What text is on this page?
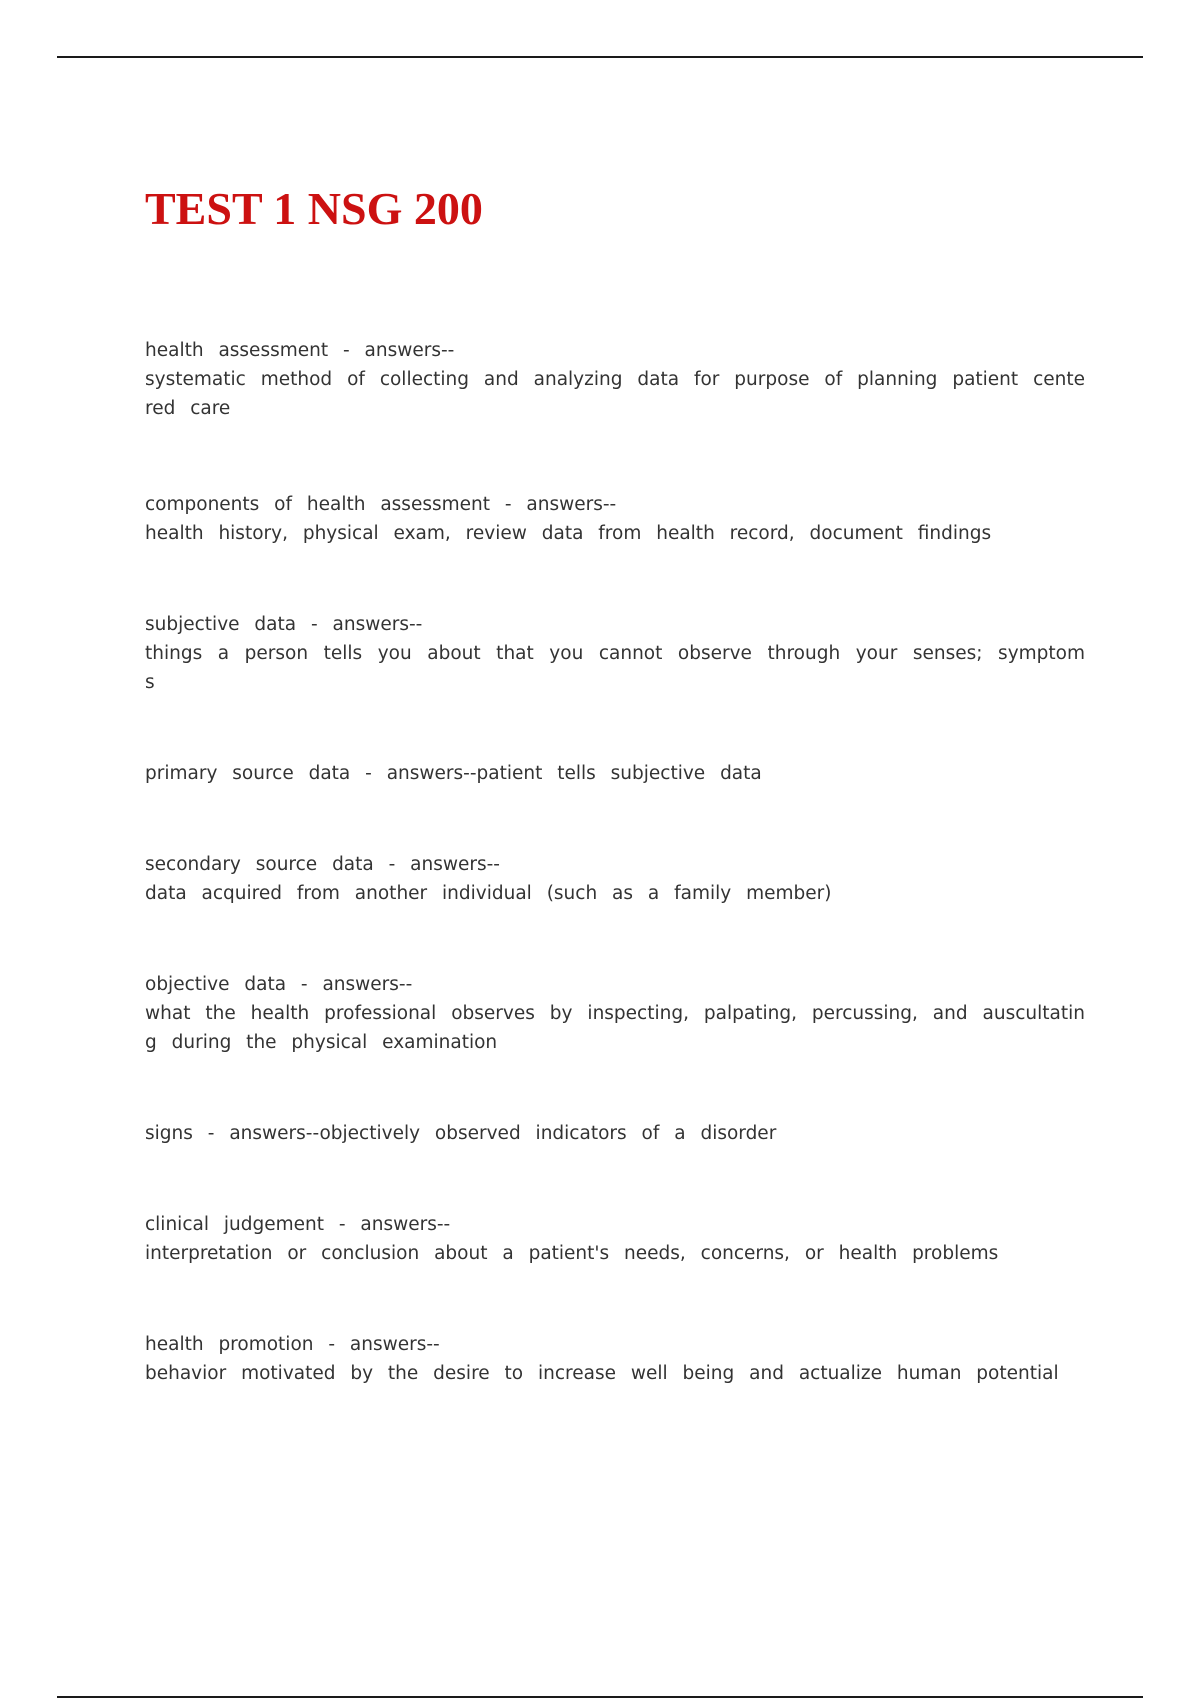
TEST 1 NSG 200

health assessment - answers--

systematic method of collecting and analyzing data for purpose of planning patient cente red care

components of health assessment - answers--

health history, physical exam, review data from health record, document findings

subjective data - answers--

things a person tells you about that you cannot observe through your senses; symptom s

primary source data - answers--patient tells subjective data

secondary source data - answers--

data acquired from another individual (such as a family member)

objective data - answers--

what the health professional observes by inspecting, palpating, percussing, and auscultatin g during the physical examination

signs - answers--objectively observed indicators of a disorder

clinical judgement - answers--

interpretation or conclusion about a patient's needs, concerns, or health problems

health promotion - answers--

behavior motivated by the desire to increase well being and actualize human potential
